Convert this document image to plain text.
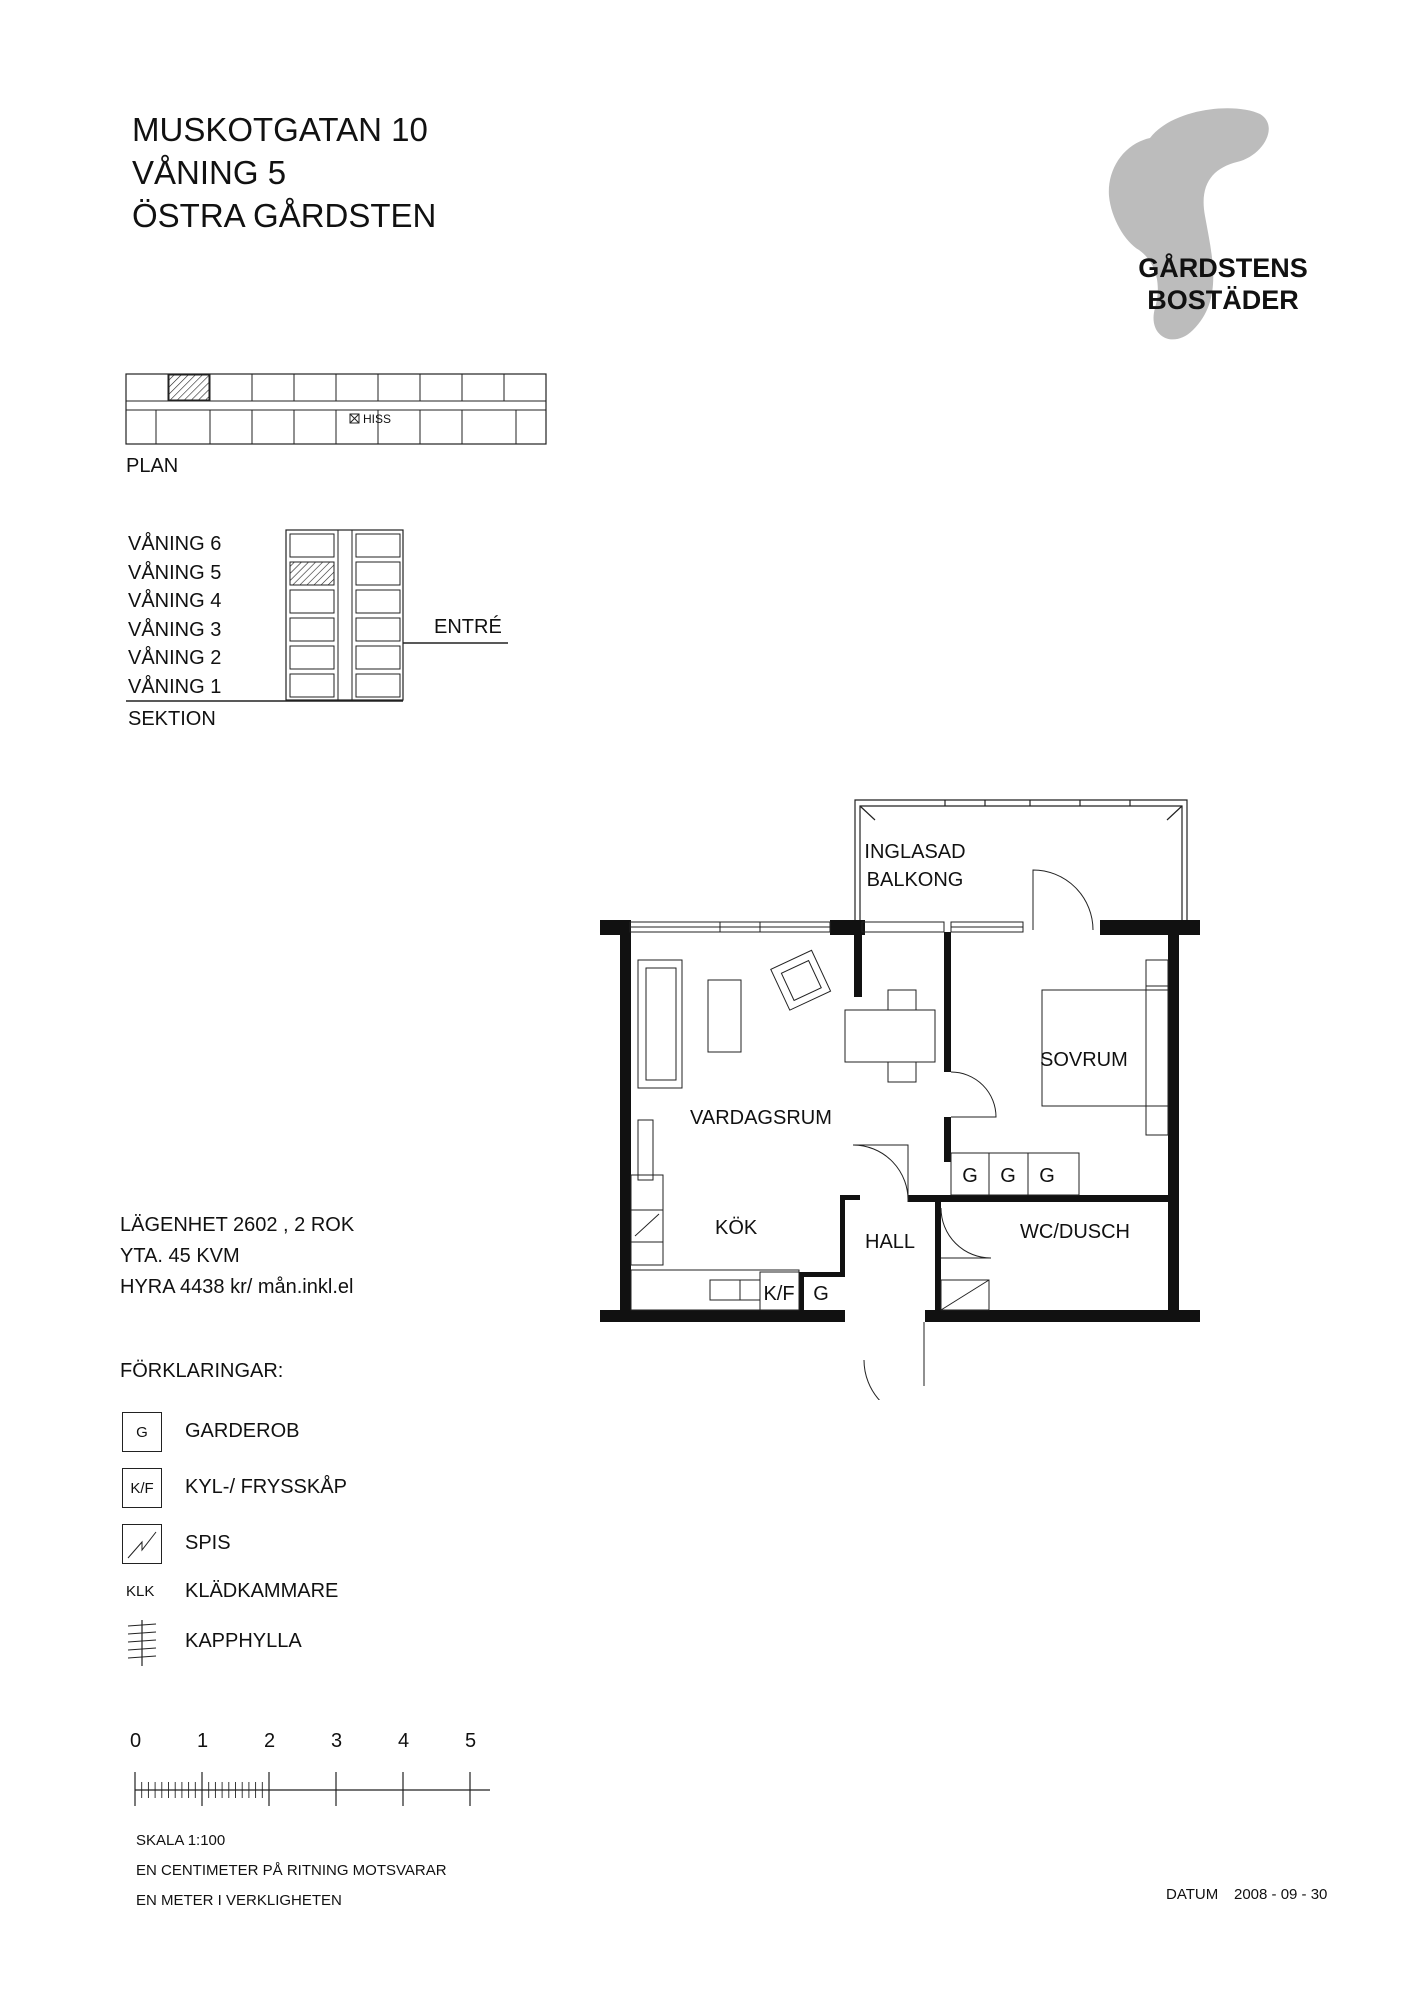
MUSKOTGATAN 10
VÅNING 5
ÖSTRA GÅRDSTEN
GÅRDSTENS
BOSTÄDER
HISS
PLAN
VÅNING 6
VÅNING 5
VÅNING 4
VÅNING 3
VÅNING 2
VÅNING 1
ENTRÉ
SEKTION
INGLASAD
BALKONG
SOVRUM
VARDAGSRUM
KÖK
HALL	WC/DUSCH
G G G
K/F G
LÄGENHET 2602 , 2 ROK
YTA. 45 KVM
HYRA 4438 kr/ mån.inkl.el
FÖRKLARINGAR:
G	GARDEROB
K/F	KYL-/ FRYSSKÅP
SPIS
KLK KLÄDKAMMARE
KAPPHYLLA
0	1	2	3	4	5
SKALA 1:100
EN CENTIMETER PÅ RITNING MOTSVARAR
EN METER I VERKLIGHETEN	DATUM 2008 - 09 - 30
